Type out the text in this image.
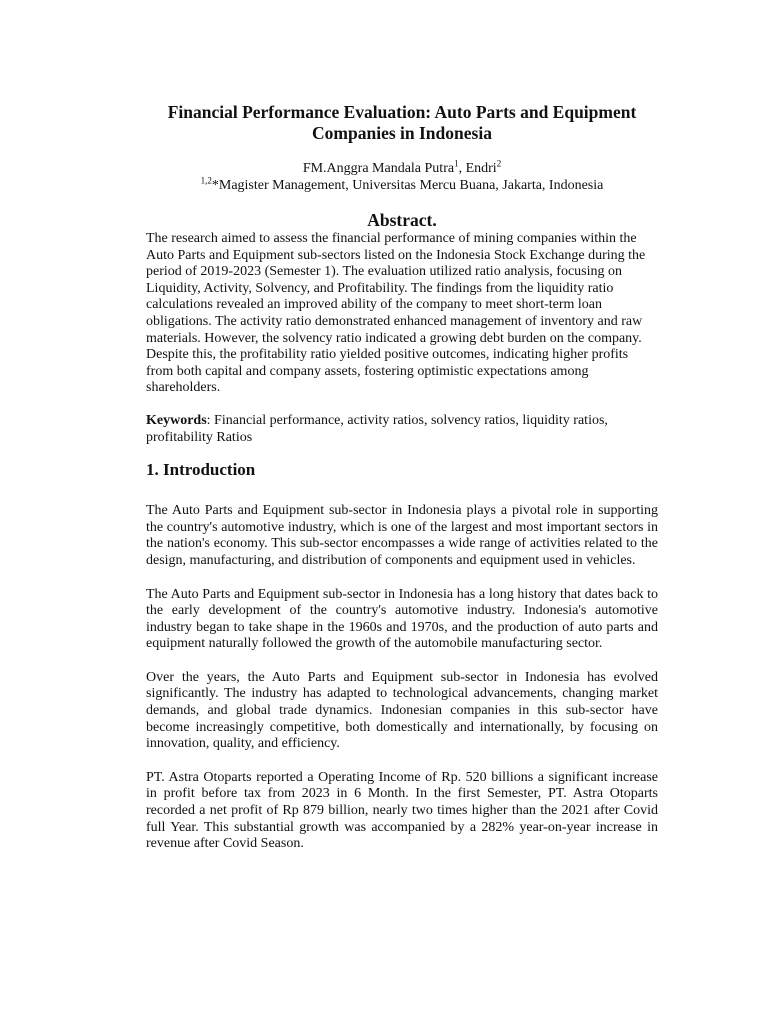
Financial Performance Evaluation: Auto Parts and Equipment
Companies in Indonesia
FM.Anggra Mandala Putra$^1$, Endri$^2$
$^{1,2}$*Magister Management, Universitas Mercu Buana, Jakarta, Indonesia
Abstract.

The research aimed to assess the financial performance of mining companies within the Auto Parts and Equipment sub-sectors listed on the Indonesia Stock Exchange during the period of 2019-2023 (Semester 1). The evaluation utilized ratio analysis, focusing on Liquidity, Activity, Solvency, and Profitability. The findings from the liquidity ratio calculations revealed an improved ability of the company to meet short-term loan obligations. The activity ratio demonstrated enhanced management of inventory and raw materials. However, the solvency ratio indicated a growing debt burden on the company. Despite this, the profitability ratio yielded positive outcomes, indicating higher profits from both capital and company assets, fostering optimistic expectations among shareholders.

Keywords: Financial performance, activity ratios, solvency ratios, liquidity ratios, profitability Ratios
1. Introduction

The Auto Parts and Equipment sub-sector in Indonesia plays a pivotal role in supporting the country's automotive industry, which is one of the largest and most important sectors in the nation's economy. This sub-sector encompasses a wide range of activities related to the design, manufacturing, and distribution of components and equipment used in vehicles.

The Auto Parts and Equipment sub-sector in Indonesia has a long history that dates back to the early development of the country's automotive industry. Indonesia's automotive industry began to take shape in the 1960s and 1970s, and the production of auto parts and equipment naturally followed the growth of the automobile manufacturing sector.

Over the years, the Auto Parts and Equipment sub-sector in Indonesia has evolved significantly. The industry has adapted to technological advancements, changing market demands, and global trade dynamics. Indonesian companies in this sub-sector have become increasingly competitive, both domestically and internationally, by focusing on innovation, quality, and efficiency.

PT. Astra Otoparts reported a Operating Income of Rp. 520 billions a significant increase in profit before tax from 2023 in 6 Month. In the first Semester, PT. Astra Otoparts recorded a net profit of Rp 879 billion, nearly two times higher than the 2021 after Covid full Year. This substantial growth was accompanied by a 282% year-on-year increase in revenue after Covid Season.
